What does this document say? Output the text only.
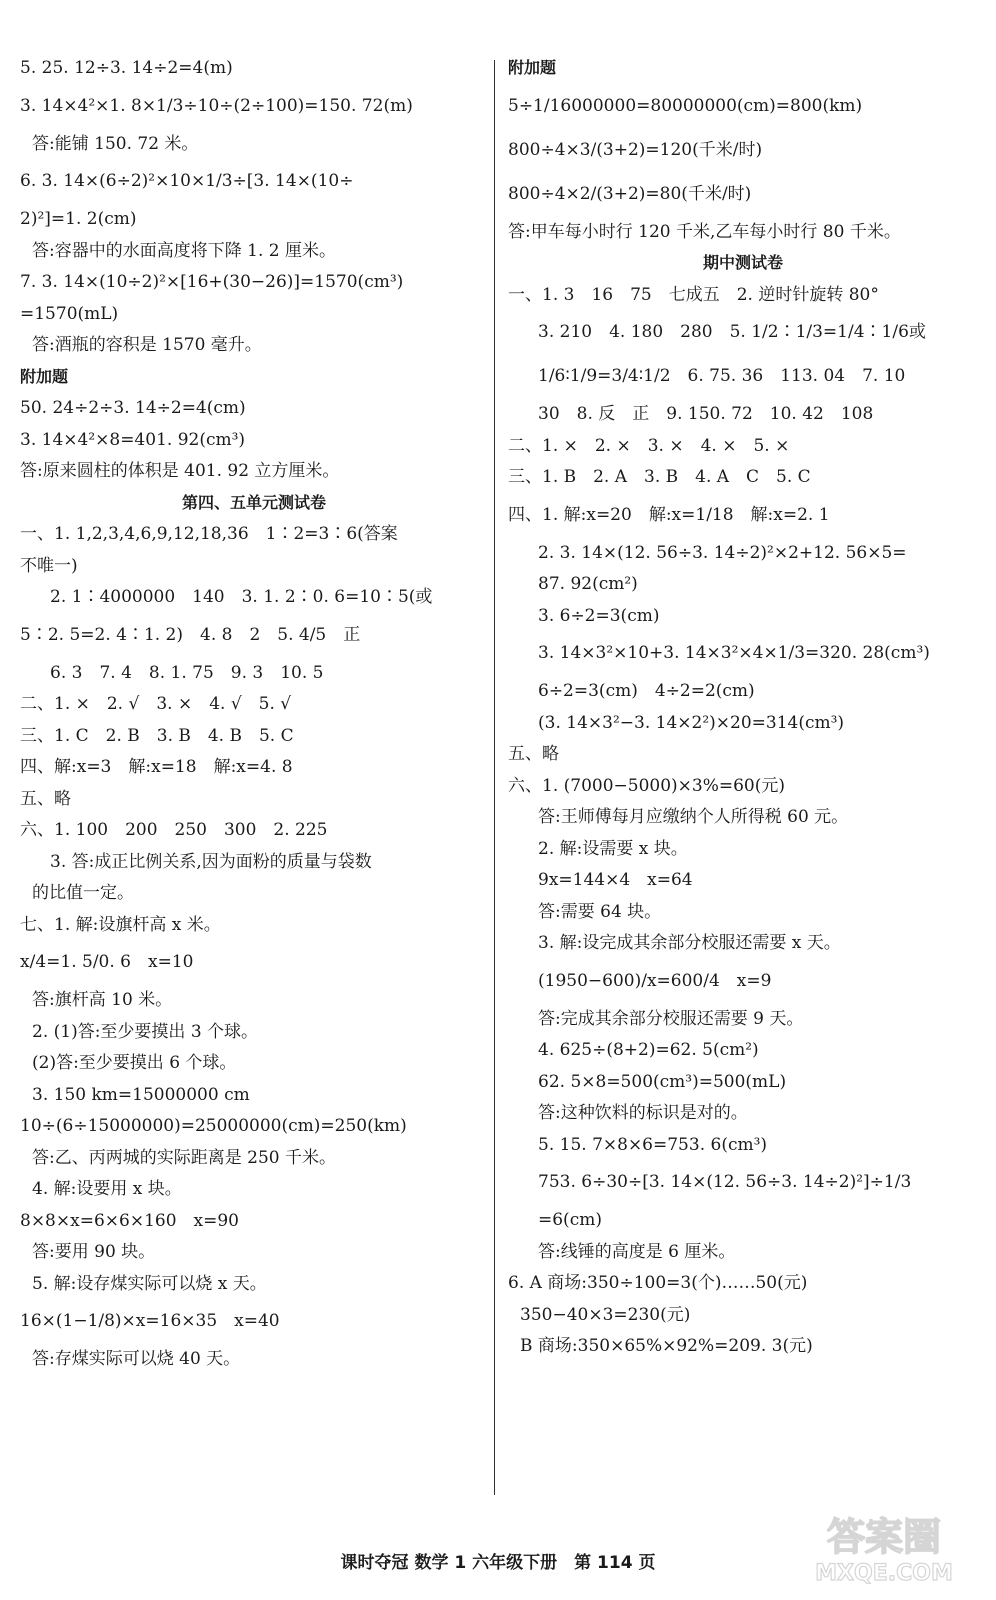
5. 25. 12÷3. 14÷2=4(m)

3. 14×4²×1. 8×1/3÷10÷(2÷100)=150. 72(m)

答:能铺 150. 72 米。

6. 3. 14×(6÷2)²×10×1/3÷[3. 14×(10÷

2)²]=1. 2(cm)

答:容器中的水面高度将下降 1. 2 厘米。

7. 3. 14×(10÷2)²×[16+(30−26)]=1570(cm³)

=1570(mL)

答:酒瓶的容积是 1570 毫升。

附加题

50. 24÷2÷3. 14÷2=4(cm)

3. 14×4²×8=401. 92(cm³)

答:原来圆柱的体积是 401. 92 立方厘米。

第四、五单元测试卷

一、1. 1,2,3,4,6,9,12,18,36　1∶2=3∶6(答案

不唯一)

2. 1∶4000000　140　3. 1. 2∶0. 6=10∶5(或

5∶2. 5=2. 4∶1. 2)　4. 8　2　5. 4/5　正

6. 3　7. 4　8. 1. 75　9. 3　10. 5

二、1. ×　2. √　3. ×　4. √　5. √

三、1. C　2. B　3. B　4. B　5. C

四、解:x=3　解:x=18　解:x=4. 8

五、略

六、1. 100　200　250　300　2. 225

3. 答:成正比例关系,因为面粉的质量与袋数

的比值一定。

七、1. 解:设旗杆高 x 米。

x/4=1. 5/0. 6　x=10

答:旗杆高 10 米。

2. (1)答:至少要摸出 3 个球。

(2)答:至少要摸出 6 个球。

3. 150 km=15000000 cm

10÷(6÷15000000)=25000000(cm)=250(km)

答:乙、丙两城的实际距离是 250 千米。

4. 解:设要用 x 块。

8×8×x=6×6×160　x=90

答:要用 90 块。

5. 解:设存煤实际可以烧 x 天。

16×(1−1/8)×x=16×35　x=40

答:存煤实际可以烧 40 天。

附加题

5÷1/16000000=80000000(cm)=800(km)

800÷4×3/(3+2)=120(千米/时)

800÷4×2/(3+2)=80(千米/时)

答:甲车每小时行 120 千米,乙车每小时行 80 千米。

期中测试卷

一、1. 3　16　75　七成五　2. 逆时针旋转 80°

3. 210　4. 180　280　5. 1/2∶1/3=1/4∶1/6或

1/6∶1/9=3/4∶1/2　6. 75. 36　113. 04　7. 10

30　8. 反　正　9. 150. 72　10. 42　108

二、1. ×　2. ×　3. ×　4. ×　5. ×

三、1. B　2. A　3. B　4. A　C　5. C

四、1. 解:x=20　解:x=1/18　解:x=2. 1

2. 3. 14×(12. 56÷3. 14÷2)²×2+12. 56×5=

87. 92(cm²)

3. 6÷2=3(cm)

3. 14×3²×10+3. 14×3²×4×1/3=320. 28(cm³)

6÷2=3(cm)　4÷2=2(cm)

(3. 14×3²−3. 14×2²)×20=314(cm³)

五、略

六、1. (7000−5000)×3%=60(元)

答:王师傅每月应缴纳个人所得税 60 元。

2. 解:设需要 x 块。

9x=144×4　x=64

答:需要 64 块。

3. 解:设完成其余部分校服还需要 x 天。

(1950−600)/x=600/4　x=9

答:完成其余部分校服还需要 9 天。

4. 625÷(8+2)=62. 5(cm²)

62. 5×8=500(cm³)=500(mL)

答:这种饮料的标识是对的。

5. 15. 7×8×6=753. 6(cm³)

753. 6÷30÷[3. 14×(12. 56÷3. 14÷2)²]÷1/3

=6(cm)

答:线锤的高度是 6 厘米。

6. A 商场:350÷100=3(个)……50(元)

350−40×3=230(元)

B 商场:350×65%×92%=209. 3(元)

课时夺冠 数学 1 六年级下册　第 114 页
答案圈
MXQE.COM
